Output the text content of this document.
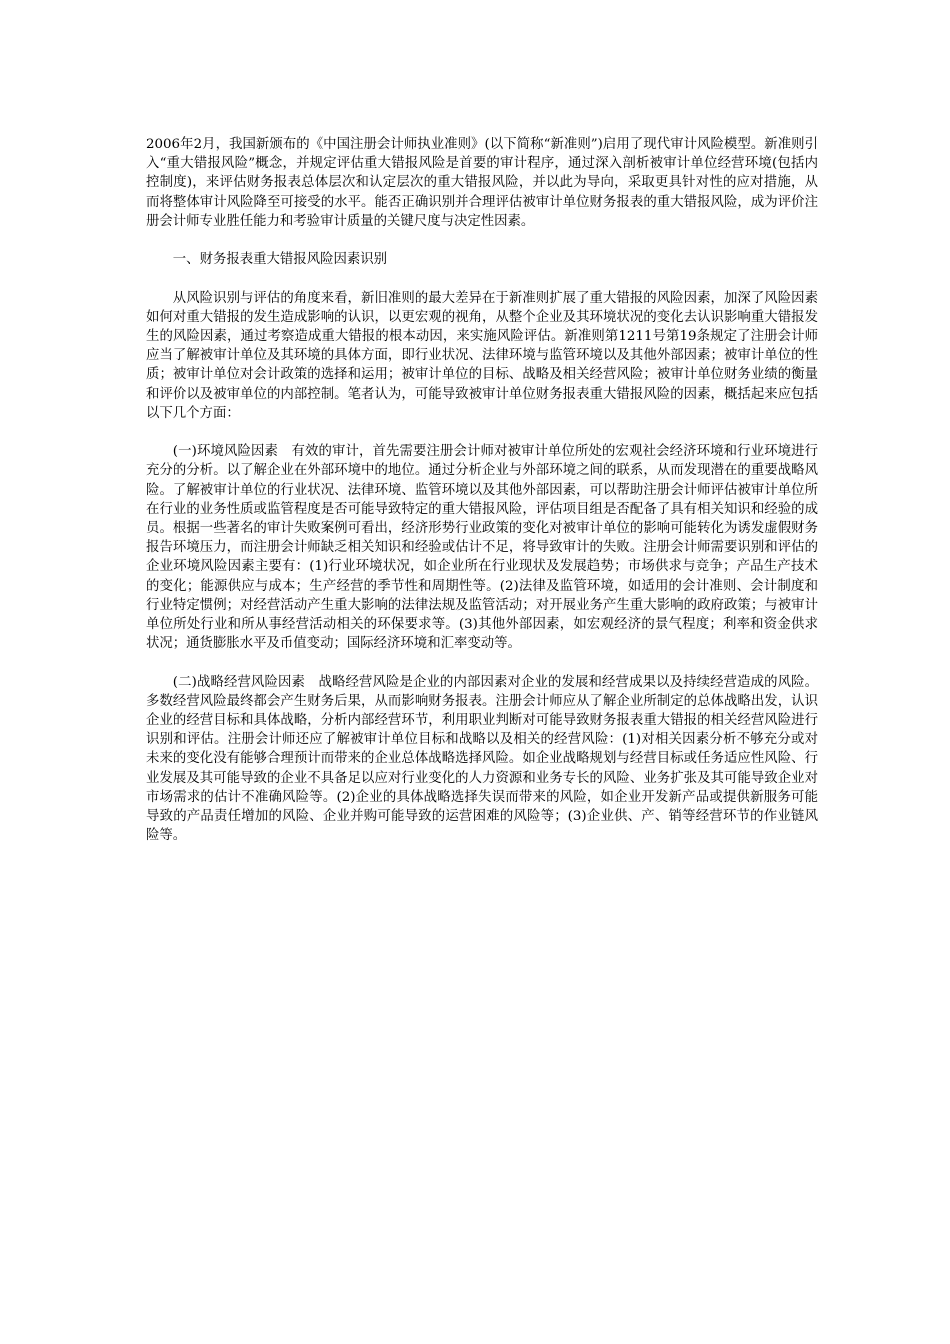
2006年2月，我国新颁布的《中国注册会计师执业准则》(以下简称“新准则”)启用了现代审计风险模型。新准则引入“重大错报风险”概念，并规定评估重大错报风险是首要的审计程序，通过深入剖析被审计单位经营环境(包括内控制度)，来评估财务报表总体层次和认定层次的重大错报风险，并以此为导向，采取更具针对性的应对措施，从而将整体审计风险降至可接受的水平。能否正确识别并合理评估被审计单位财务报表的重大错报风险，成为评价注册会计师专业胜任能力和考验审计质量的关键尺度与决定性因素。

一、财务报表重大错报风险因素识别

从风险识别与评估的角度来看，新旧准则的最大差异在于新准则扩展了重大错报的风险因素，加深了风险因素如何对重大错报的发生造成影响的认识，以更宏观的视角，从整个企业及其环境状况的变化去认识影响重大错报发生的风险因素，通过考察造成重大错报的根本动因，来实施风险评估。新准则第1211号第19条规定了注册会计师应当了解被审计单位及其环境的具体方面，即行业状况、法律环境与监管环境以及其他外部因素；被审计单位的性质；被审计单位对会计政策的选择和运用；被审计单位的目标、战略及相关经营风险；被审计单位财务业绩的衡量和评价以及被审单位的内部控制。笔者认为，可能导致被审计单位财务报表重大错报风险的因素，概括起来应包括以下几个方面：

(一)环境风险因素　有效的审计，首先需要注册会计师对被审计单位所处的宏观社会经济环境和行业环境进行充分的分析。以了解企业在外部环境中的地位。通过分析企业与外部环境之间的联系，从而发现潜在的重要战略风险。了解被审计单位的行业状况、法律环境、监管环境以及其他外部因素，可以帮助注册会计师评估被审计单位所在行业的业务性质或监管程度是否可能导致特定的重大错报风险，评估项目组是否配备了具有相关知识和经验的成员。根据一些著名的审计失败案例可看出，经济形势行业政策的变化对被审计单位的影响可能转化为诱发虚假财务报告环境压力，而注册会计师缺乏相关知识和经验或估计不足，将导致审计的失败。注册会计师需要识别和评估的企业环境风险因素主要有：(1)行业环境状况，如企业所在行业现状及发展趋势；市场供求与竞争；产品生产技术的变化；能源供应与成本；生产经营的季节性和周期性等。(2)法律及监管环境，如适用的会计准则、会计制度和行业特定惯例；对经营活动产生重大影响的法律法规及监管活动；对开展业务产生重大影响的政府政策；与被审计单位所处行业和所从事经营活动相关的环保要求等。(3)其他外部因素，如宏观经济的景气程度；利率和资金供求状况；通货膨胀水平及币值变动；国际经济环境和汇率变动等。

(二)战略经营风险因素　战略经营风险是企业的内部因素对企业的发展和经营成果以及持续经营造成的风险。多数经营风险最终都会产生财务后果，从而影响财务报表。注册会计师应从了解企业所制定的总体战略出发，认识企业的经营目标和具体战略，分析内部经营环节，利用职业判断对可能导致财务报表重大错报的相关经营风险进行识别和评估。注册会计师还应了解被审计单位目标和战略以及相关的经营风险：(1)对相关因素分析不够充分或对未来的变化没有能够合理预计而带来的企业总体战略选择风险。如企业战略规划与经营目标或任务适应性风险、行业发展及其可能导致的企业不具备足以应对行业变化的人力资源和业务专长的风险、业务扩张及其可能导致企业对市场需求的估计不准确风险等。(2)企业的具体战略选择失误而带来的风险，如企业开发新产品或提供新服务可能导致的产品责任增加的风险、企业并购可能导致的运营困难的风险等；(3)企业供、产、销等经营环节的作业链风险等。
